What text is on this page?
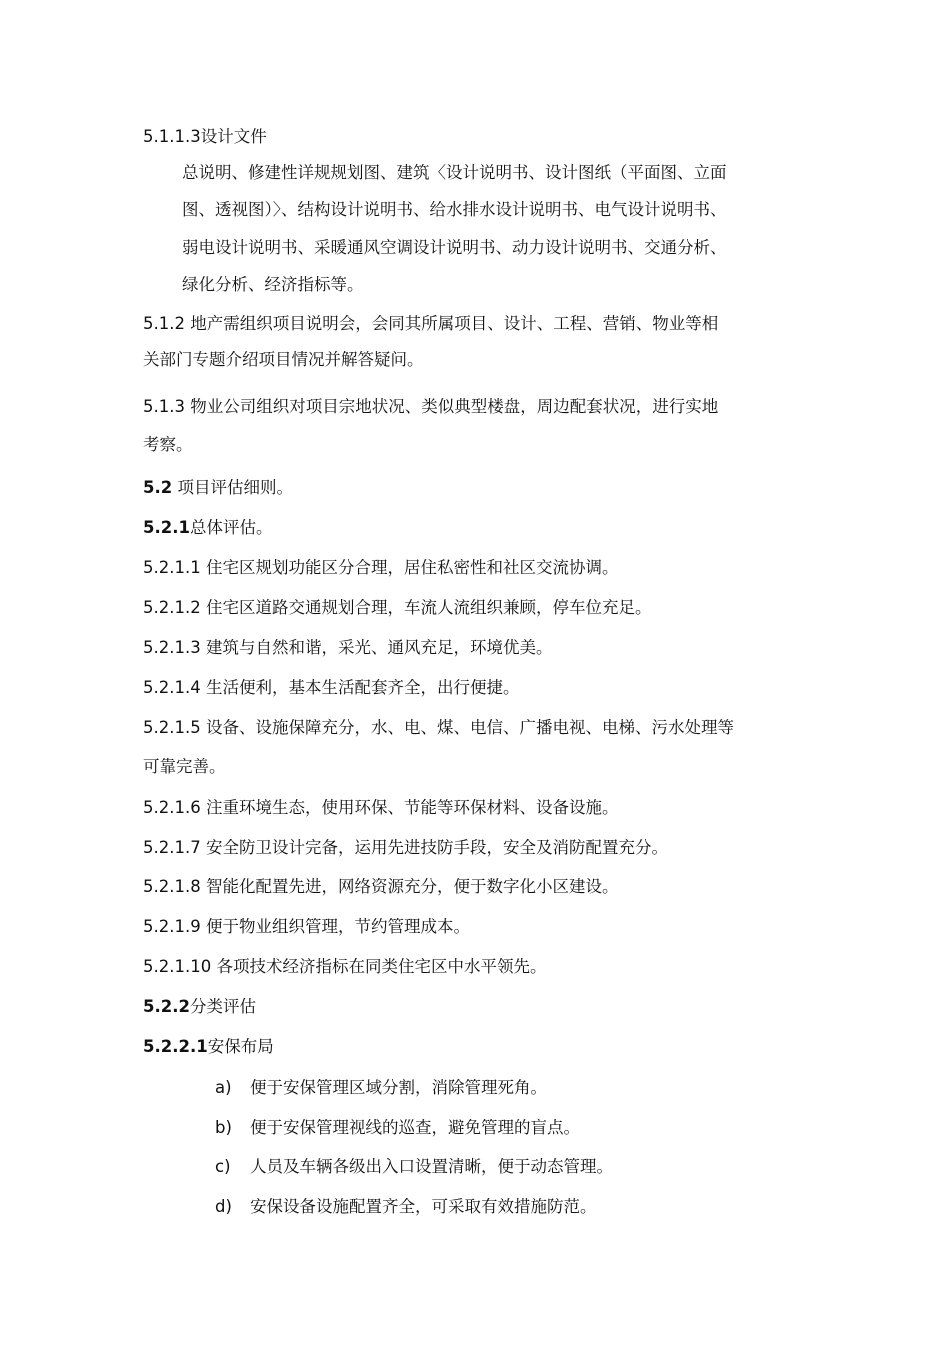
5.1.1.3设计文件
总说明、修建性详规规划图、建筑〈设计说明书、设计图纸（平面图、立面
图、透视图）〉、结构设计说明书、给水排水设计说明书、电气设计说明书、
弱电设计说明书、采暖通风空调设计说明书、动力设计说明书、交通分析、
绿化分析、经济指标等。
5.1.2 地产需组织项目说明会，会同其所属项目、设计、工程、营销、物业等相
关部门专题介绍项目情况并解答疑问。
5.1.3 物业公司组织对项目宗地状况、类似典型楼盘，周边配套状况，进行实地
考察。
5.2 项目评估细则。
5.2.1总体评估。
5.2.1.1 住宅区规划功能区分合理，居住私密性和社区交流协调。
5.2.1.2 住宅区道路交通规划合理，车流人流组织兼顾，停车位充足。
5.2.1.3 建筑与自然和谐，采光、通风充足，环境优美。
5.2.1.4 生活便利，基本生活配套齐全，出行便捷。
5.2.1.5 设备、设施保障充分，水、电、煤、电信、广播电视、电梯、污水处理等
可靠完善。
5.2.1.6 注重环境生态，使用环保、节能等环保材料、设备设施。
5.2.1.7 安全防卫设计完备，运用先进技防手段，安全及消防配置充分。
5.2.1.8 智能化配置先进，网络资源充分，便于数字化小区建设。
5.2.1.9 便于物业组织管理，节约管理成本。
5.2.1.10 各项技术经济指标在同类住宅区中水平领先。
5.2.2分类评估
5.2.2.1安保布局
a) 便于安保管理区域分割，消除管理死角。
b) 便于安保管理视线的巡查，避免管理的盲点。
c) 人员及车辆各级出入口设置清晰，便于动态管理。
d) 安保设备设施配置齐全，可采取有效措施防范。
